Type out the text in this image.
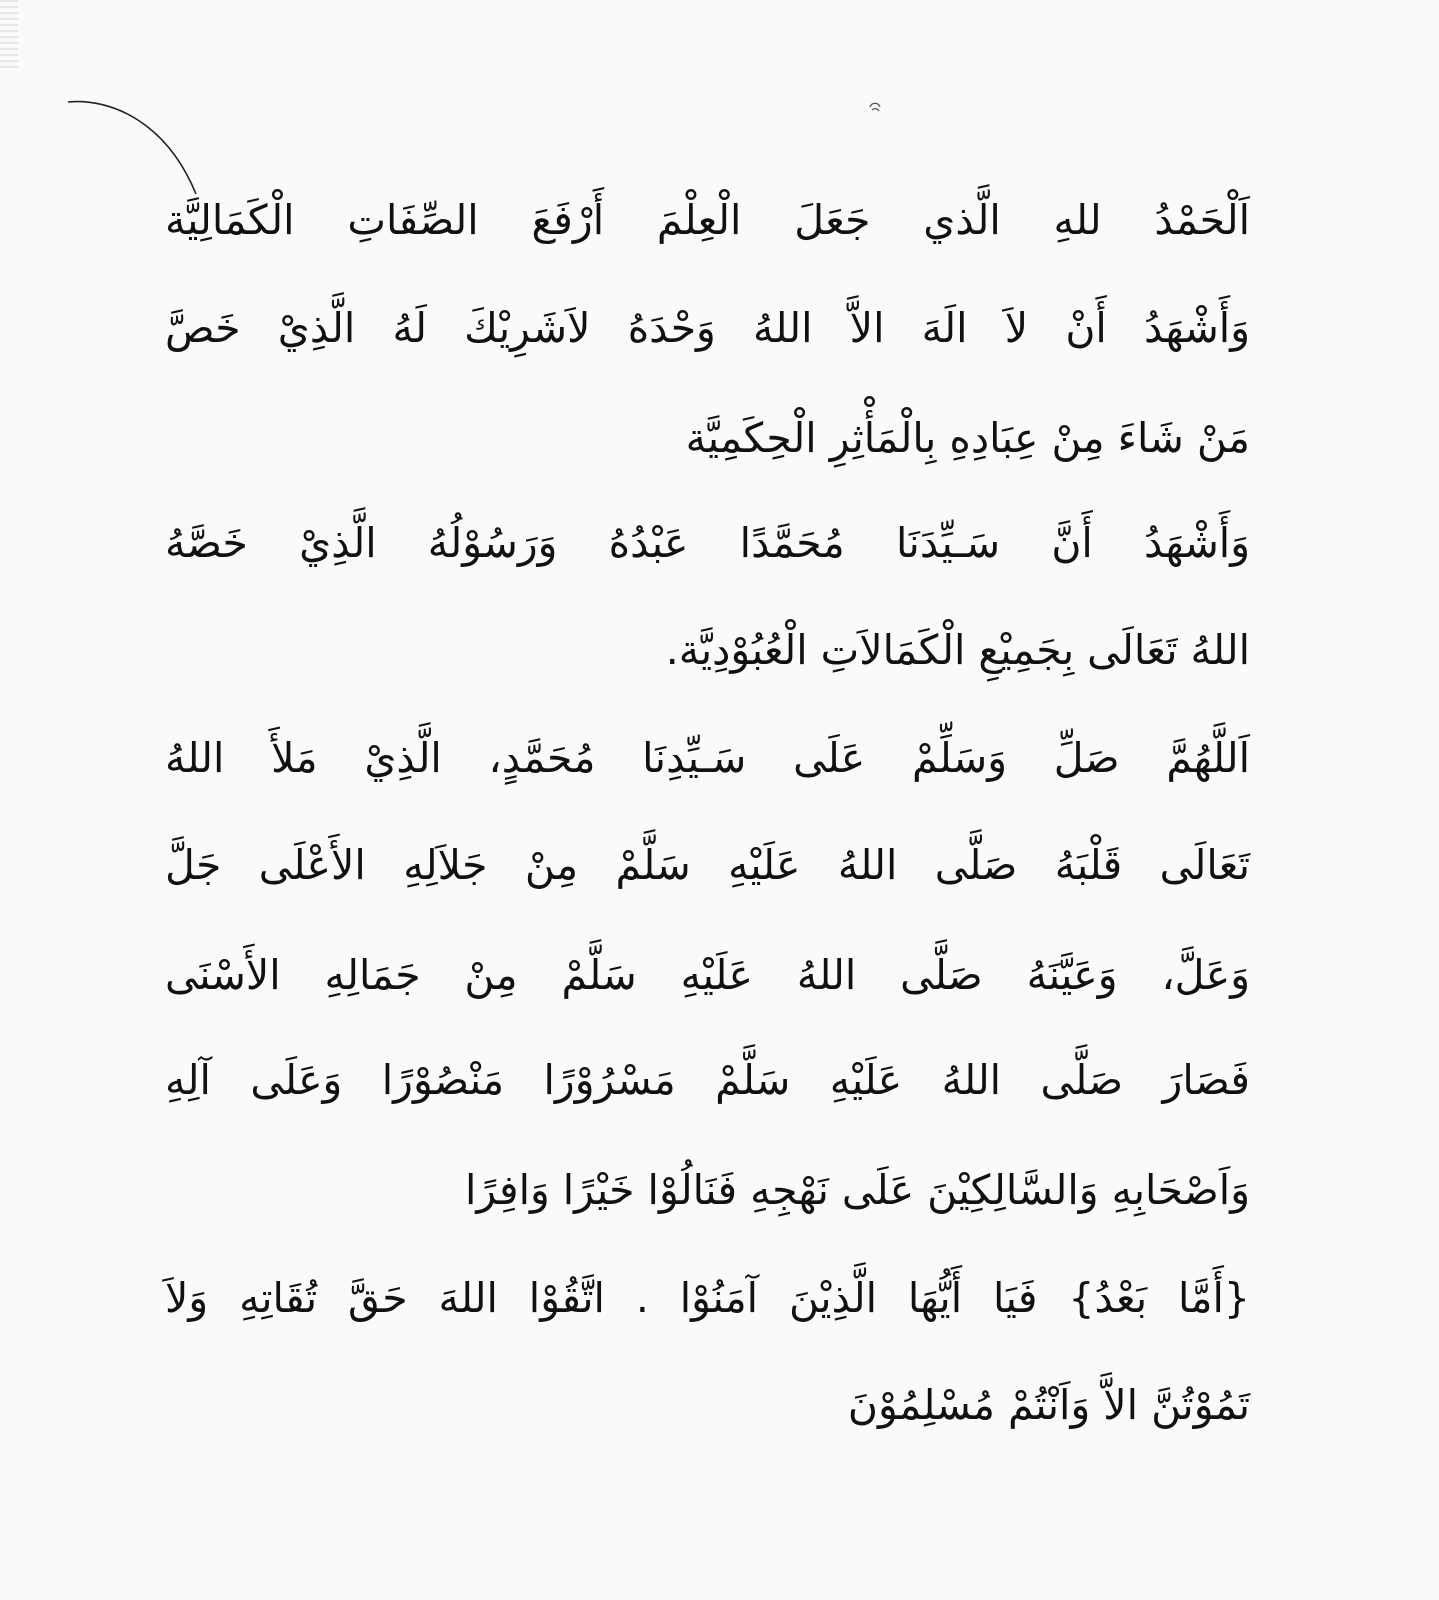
اَلْحَمْدُ للهِ الَّذي جَعَلَ الْعِلْمَ أَرْفَعَ الصِّفَاتِ الْكَمَالِيَّة
وَأَشْهَدُ أَنْ لاَ الَهَ الاَّ اللهُ وَحْدَهُ لاَشَرِيْكَ لَهُ الَّذِيْ خَصَّ
مَنْ شَاءَ مِنْ عِبَادِهِ بِالْمَأْثِرِ الْحِكَمِيَّة
وَأَشْهَدُ أَنَّ سَـيِّدَنَا مُحَمَّدًا عَبْدُهُ وَرَسُوْلُهُ الَّذِيْ خَصَّهُ
اللهُ تَعَالَى بِجَمِيْعِ الْكَمَالاَتِ الْعُبُوْدِيَّة.
اَللَّهُمَّ صَلِّ وَسَلِّمْ عَلَى سَـيِّدِنَا مُحَمَّدٍ، الَّذِيْ مَلأَ اللهُ
تَعَالَى قَلْبَهُ صَلَّى اللهُ عَلَيْهِ سَلَّمْ مِنْ جَلاَلِهِ الأَعْلَى جَلَّ
وَعَلَّ، وَعَيَّنَهُ صَلَّى اللهُ عَلَيْهِ سَلَّمْ مِنْ جَمَالِهِ الأَسْنَى
فَصَارَ صَلَّى اللهُ عَلَيْهِ سَلَّمْ مَسْرُوْرًا مَنْصُوْرًا وَعَلَى آلِهِ
وَاَصْحَابِهِ وَالسَّالِكِيْنَ عَلَى نَهْجِهِ فَنَالُوْا خَيْرًا وَافِرًا
{أَمَّا بَعْدُ} فَيَا أَيُّهَا الَّذِيْنَ آمَنُوْا . اتَّقُوْا اللهَ حَقَّ تُقَاتِهِ وَلاَ
تَمُوْتُنَّ الاَّ وَاَنْتُمْ مُسْلِمُوْنَ
